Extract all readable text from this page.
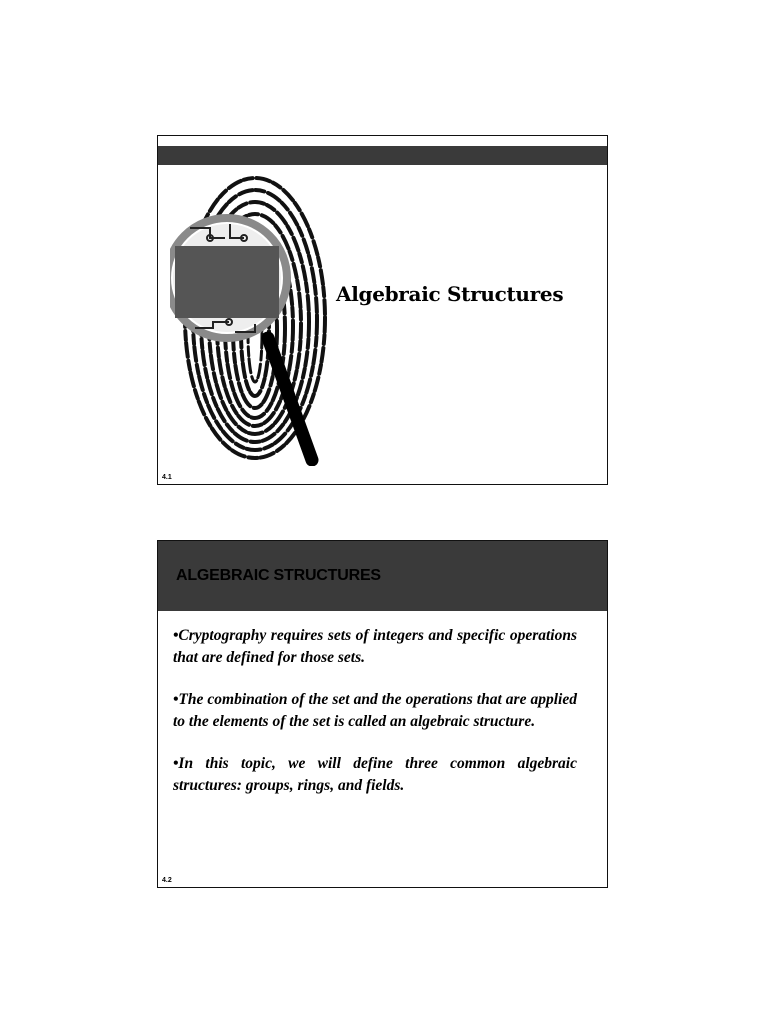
Algebraic Structures
4.1
ALGEBRAIC STRUCTURES

•Cryptography requires sets of integers and specific operations that are defined for those sets.

•The combination of the set and the operations that are applied to the elements of the set is called an algebraic structure.

•In this topic, we will define three common algebraic structures: groups, rings, and fields.

4.2
